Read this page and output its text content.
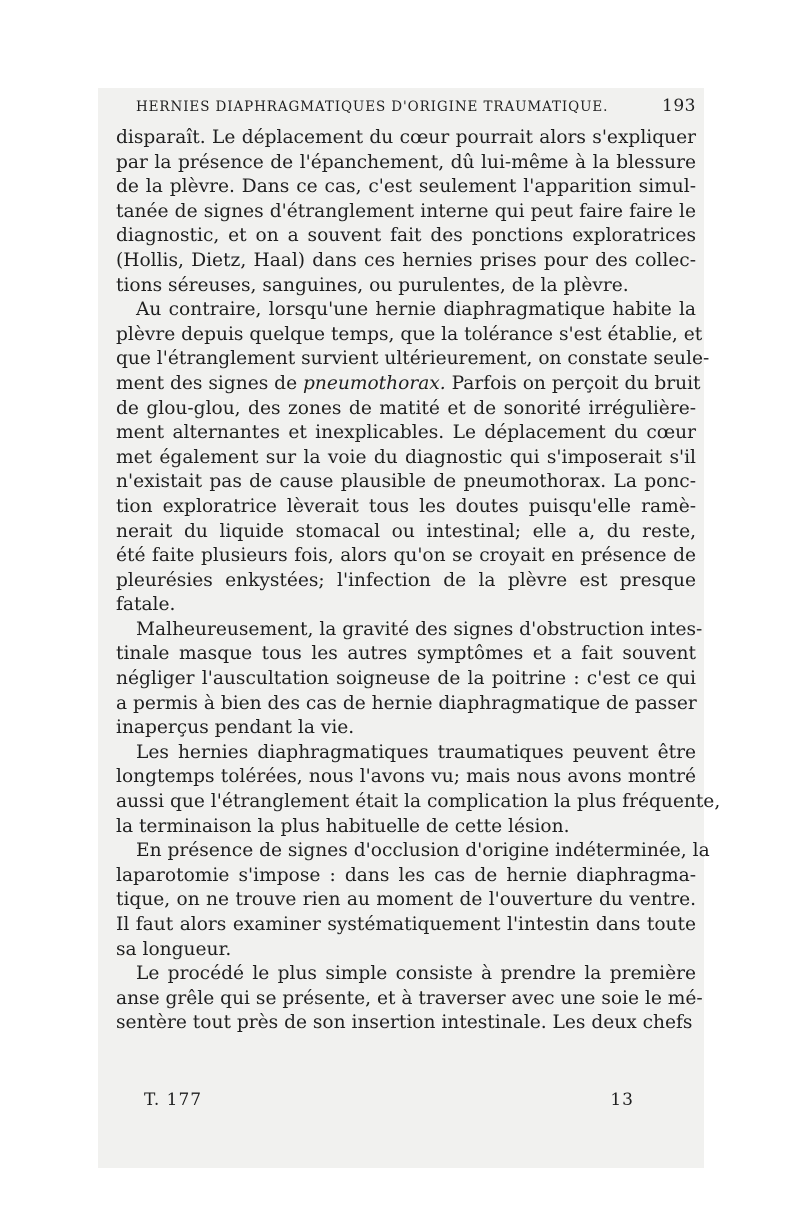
HERNIES DIAPHRAGMATIQUES D'ORIGINE TRAUMATIQUE.	193
disparaît. Le déplacement du cœur pourrait alors s'expliquer
par la présence de l'épanchement, dû lui-même à la blessure
de la plèvre. Dans ce cas, c'est seulement l'apparition simul-
tanée de signes d'étranglement interne qui peut faire faire le
diagnostic, et on a souvent fait des ponctions exploratrices
(Hollis, Dietz, Haal) dans ces hernies prises pour des collec-
tions séreuses, sanguines, ou purulentes, de la plèvre.
Au contraire, lorsqu'une hernie diaphragmatique habite la
plèvre depuis quelque temps, que la tolérance s'est établie, et
que l'étranglement survient ultérieurement, on constate seule-
ment des signes de pneumothorax. Parfois on perçoit du bruit
de glou-glou, des zones de matité et de sonorité irrégulière-
ment alternantes et inexplicables. Le déplacement du cœur
met également sur la voie du diagnostic qui s'imposerait s'il
n'existait pas de cause plausible de pneumothorax. La ponc-
tion exploratrice lèverait tous les doutes puisqu'elle ramè-
nerait du liquide stomacal ou intestinal; elle a, du reste,
été faite plusieurs fois, alors qu'on se croyait en présence de
pleurésies enkystées; l'infection de la plèvre est presque
fatale.
Malheureusement, la gravité des signes d'obstruction intes-
tinale masque tous les autres symptômes et a fait souvent
négliger l'auscultation soigneuse de la poitrine : c'est ce qui
a permis à bien des cas de hernie diaphragmatique de passer
inaperçus pendant la vie.
Les hernies diaphragmatiques traumatiques peuvent être
longtemps tolérées, nous l'avons vu; mais nous avons montré
aussi que l'étranglement était la complication la plus fréquente,
la terminaison la plus habituelle de cette lésion.
En présence de signes d'occlusion d'origine indéterminée, la
laparotomie s'impose : dans les cas de hernie diaphragma-
tique, on ne trouve rien au moment de l'ouverture du ventre.
Il faut alors examiner systématiquement l'intestin dans toute
sa longueur.
Le procédé le plus simple consiste à prendre la première
anse grêle qui se présente, et à traverser avec une soie le mé-
sentère tout près de son insertion intestinale. Les deux chefs
T. 177	13
